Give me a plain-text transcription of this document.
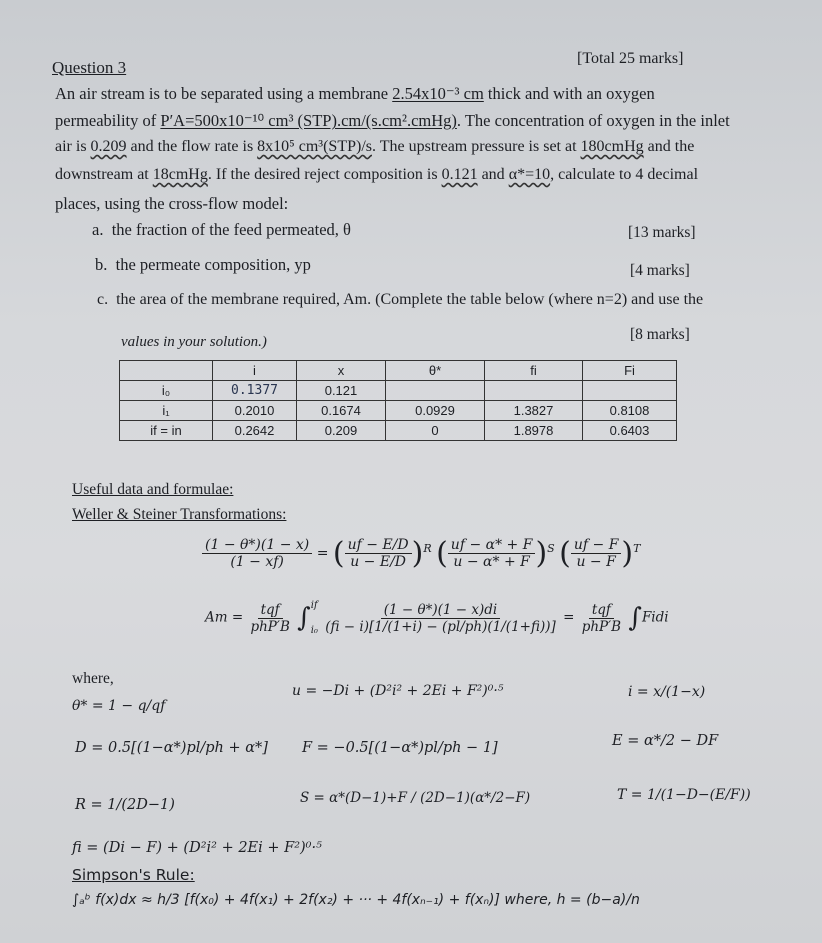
Question 3	[Total 25 marks]
An air stream is to be separated using a membrane 2.54x10⁻³ cm thick and with an oxygen
permeability of P′A=500x10⁻¹⁰ cm³ (STP).cm/(s.cm².cmHg). The concentration of oxygen in the inlet
air is 0.209 and the flow rate is 8x10⁵ cm³(STP)/s. The upstream pressure is set at 180cmHg and the
downstream at 18cmHg. If the desired reject composition is 0.121 and α*=10, calculate to 4 decimal
places, using the cross-flow model:
a. the fraction of the feed permeated, θ	[13 marks]
b. the permeate composition, yp	[4 marks]
c. the area of the membrane required, Am. (Complete the table below (where n=2) and use the
values in your solution.)	[8 marks]
	i	x	θ*	fi	Fi
i₀	0.1377	0.121			
i₁	0.2010	0.1674	0.0929	1.3827	0.8108
if = in	0.2642	0.209	0	1.8978	0.6403
Useful data and formulae:
Weller & Steiner Transformations:
$\frac{(1 - \theta*)(1 - x)}{(1 - xf)}$ = ( $\frac{uf - E/D}{u - E/D} )^R$ ( $\frac{uf - \alpha* + F}{u - \alpha* + F} )^S$ ( $\frac{uf - F}{u - F} )^T$
$Am = \frac{\text{tqf}}{\text{phP′B}}$ ∫ if
i₀
$\frac{(1 - \theta*)(1 - x)di}{(fi - i)[1/(1+i) - (pl/ph)(1/(1+fi))]} = \frac{\text{tqf}}{\text{phP′B}}$ ∫Fidi
where,
θ* = 1 − q/qf
u = −Di + (D²i² + 2Ei + F²)⁰·⁵	i = x/(1−x)
D = 0.5[(1−α*)pl/ph + α*] F = −0.5[(1−α*)pl/ph − 1]	E = α*/2 − DF
R = 1/(2D−1)	S = α*(D−1)+F / (2D−1)(α*/2−F)	T = 1/(1−D−(E/F))
fi = (Di − F) + (D²i² + 2Ei + F²)⁰·⁵
Simpson's Rule:
∫ₐᵇ f(x)dx ≈ h/3 [f(x₀) + 4f(x₁) + 2f(x₂) + ··· + 4f(xₙ₋₁) + f(xₙ)] where, h = (b−a)/n
